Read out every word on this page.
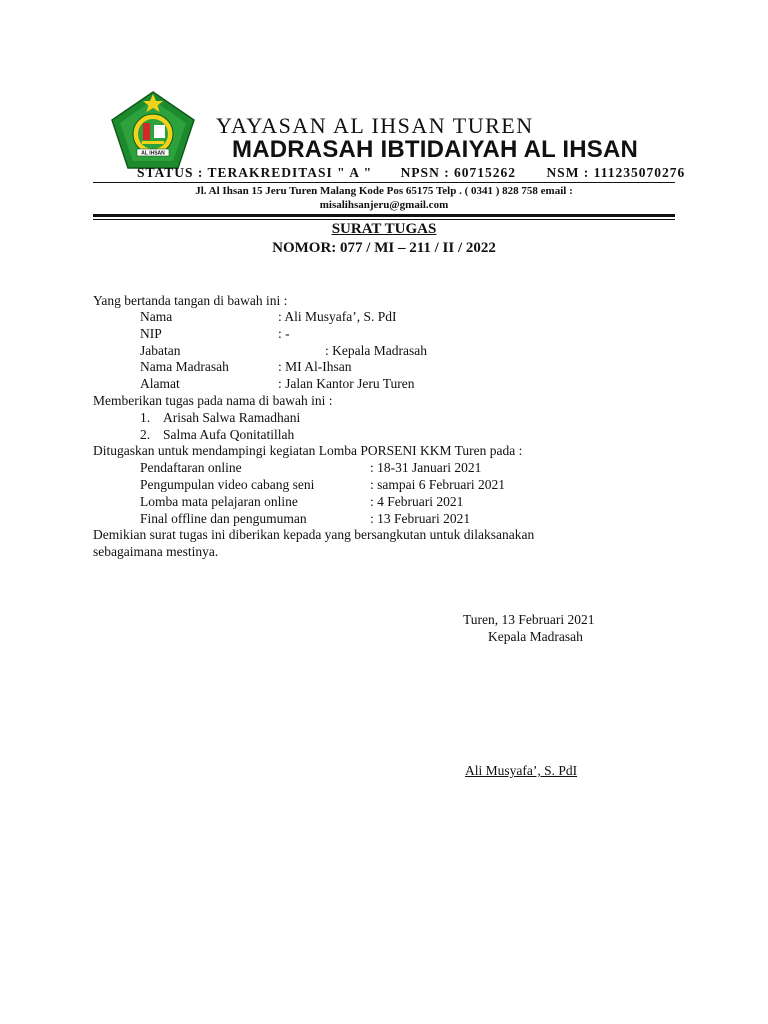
AL IHSAN
YAYASAN AL IHSAN TUREN
MADRASAH IBTIDAIYAH AL IHSAN
STATUS : TERAKREDITASI " A " NPSN : 60715262 NSM : 111235070276
Jl. Al Ihsan 15 Jeru Turen Malang Kode Pos 65175 Telp . ( 0341 ) 828 758 email :
misalihsanjeru@gmail.com
SURAT TUGAS
NOMOR: 077 / MI – 211 / II / 2022
Yang bertanda tangan di bawah ini :
Nama	: Ali Musyafa’, S. PdI
NIP	: -
Jabatan	: Kepala Madrasah
Nama Madrasah	: MI Al-Ihsan
Alamat	: Jalan Kantor Jeru Turen
Memberikan tugas pada nama di bawah ini :
1. Arisah Salwa Ramadhani
2. Salma Aufa Qonitatillah
Ditugaskan untuk mendampingi kegiatan Lomba PORSENI KKM Turen pada :
Pendaftaran online	: 18-31 Januari 2021
Pengumpulan video cabang seni	: sampai 6 Februari 2021
Lomba mata pelajaran online	: 4 Februari 2021
Final offline dan pengumuman	: 13 Februari 2021
Demikian surat tugas ini diberikan kepada yang bersangkutan untuk dilaksanakan
sebagaimana mestinya.
Turen, 13 Februari 2021
Kepala Madrasah
Ali Musyafa’, S. PdI
